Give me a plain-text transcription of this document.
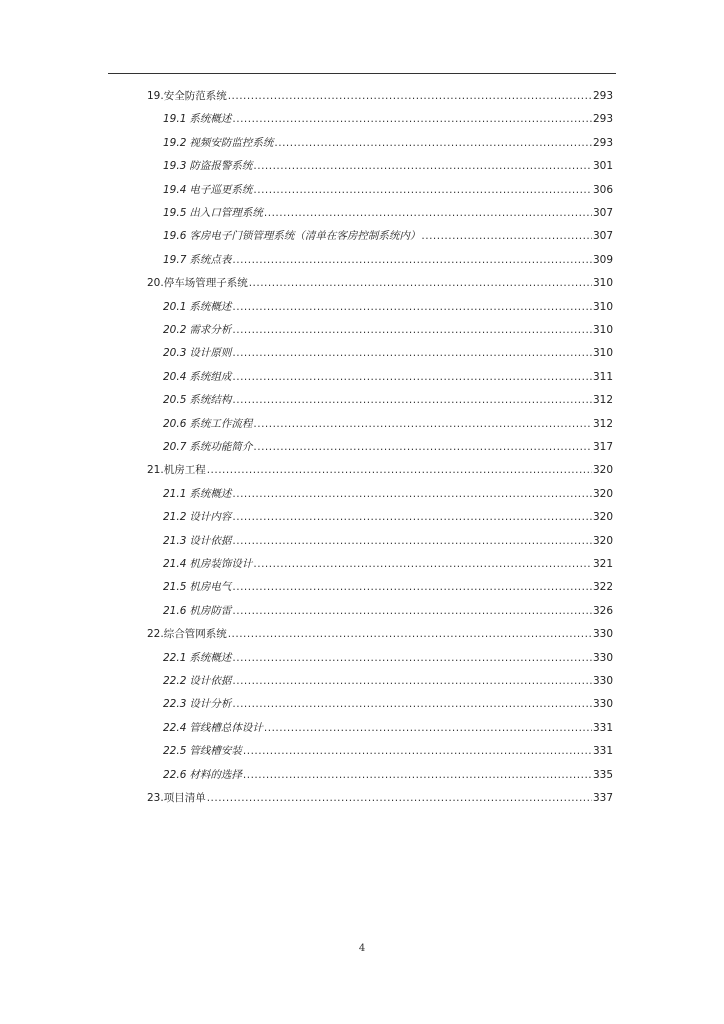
19. 安全防范系统 .....	293
19.1 系统概述 .....	293
19.2 视频安防监控系统 .....	293
19.3 防盗报警系统 .....	301
19.4 电子巡更系统 .....	306
19.5 出入口管理系统 .....	307
19.6 客房电子门锁管理系统（清单在客房控制系统内） .....	307
19.7 系统点表 .....	309
20. 停车场管理子系统 .....	310
20.1 系统概述 .....	310
20.2 需求分析 .....	310
20.3 设计原则 .....	310
20.4 系统组成 .....	311
20.5 系统结构 .....	312
20.6 系统工作流程 .....	312
20.7 系统功能简介 .....	317
21. 机房工程 .....	320
21.1 系统概述 .....	320
21.2 设计内容 .....	320
21.3 设计依据 .....	320
21.4 机房装饰设计 .....	321
21.5 机房电气 .....	322
21.6 机房防雷 .....	326
22. 综合管网系统 .....	330
22.1 系统概述 .....	330
22.2 设计依据 .....	330
22.3 设计分析 .....	330
22.4 管线槽总体设计 .....	331
22.5 管线槽安装 .....	331
22.6 材料的选择 .....	335
23. 项目清单 .....	337
4
